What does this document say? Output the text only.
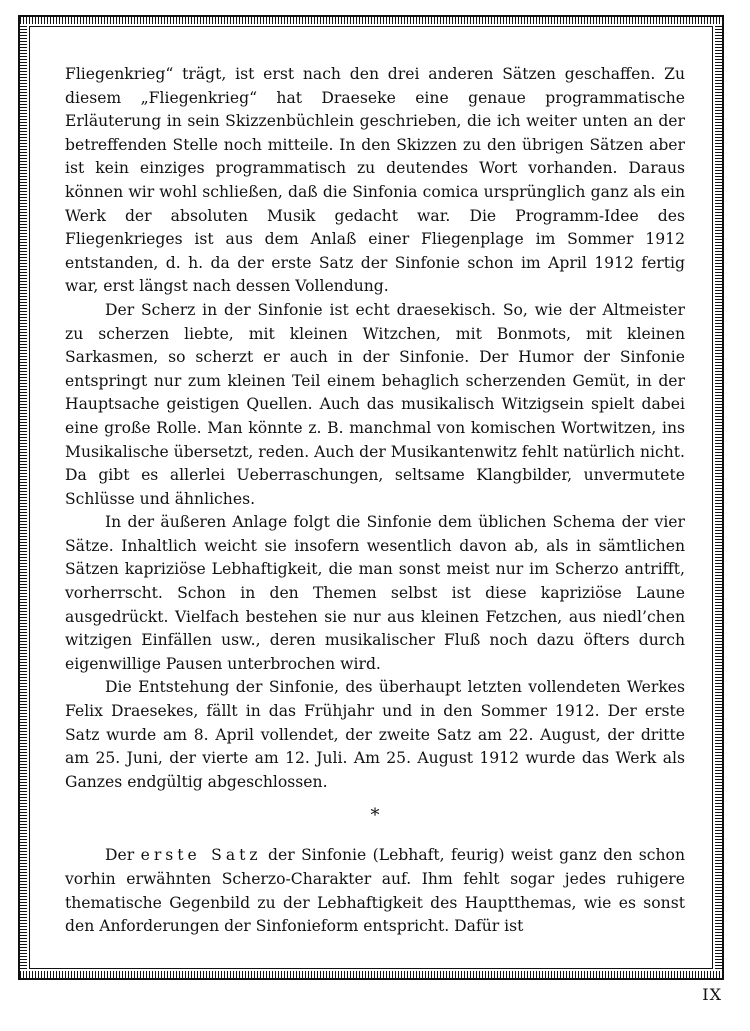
Fliegenkrieg“ trägt, ist erst nach den drei anderen Sätzen geschaffen. Zu diesem „Fliegenkrieg“ hat Draeseke eine genaue programmatische Erläuterung in sein Skizzenbüchlein geschrieben, die ich weiter unten an der betreffenden Stelle noch mitteile. In den Skizzen zu den übrigen Sätzen aber ist kein einziges programmatisch zu deutendes Wort vorhanden. Daraus können wir wohl schließen, daß die Sinfonia comica ursprünglich ganz als ein Werk der absoluten Musik gedacht war. Die Programm-Idee des Fliegenkrieges ist aus dem Anlaß einer Fliegenplage im Sommer 1912 entstanden, d. h. da der erste Satz der Sinfonie schon im April 1912 fertig war, erst längst nach dessen Vollendung.

Der Scherz in der Sinfonie ist echt draesekisch. So, wie der Altmeister zu scherzen liebte, mit kleinen Witzchen, mit Bonmots, mit kleinen Sarkasmen, so scherzt er auch in der Sinfonie. Der Humor der Sinfonie entspringt nur zum kleinen Teil einem behaglich scherzenden Gemüt, in der Hauptsache geistigen Quellen. Auch das musikalisch Witzigsein spielt dabei eine große Rolle. Man könnte z. B. manchmal von komischen Wortwitzen, ins Musikalische übersetzt, reden. Auch der Musikantenwitz fehlt natürlich nicht. Da gibt es allerlei Ueberraschungen, seltsame Klangbilder, unvermutete Schlüsse und ähnliches.

In der äußeren Anlage folgt die Sinfonie dem üblichen Schema der vier Sätze. Inhaltlich weicht sie insofern wesentlich davon ab, als in sämtlichen Sätzen kapriziöse Lebhaftigkeit, die man sonst meist nur im Scherzo antrifft, vorherrscht. Schon in den Themen selbst ist diese kapriziöse Laune ausgedrückt. Vielfach bestehen sie nur aus kleinen Fetzchen, aus niedl’chen witzigen Einfällen usw., deren musikalischer Fluß noch dazu öfters durch eigenwillige Pausen unterbrochen wird.

Die Entstehung der Sinfonie, des überhaupt letzten vollendeten Werkes Felix Draesekes, fällt in das Frühjahr und in den Sommer 1912. Der erste Satz wurde am 8. April vollendet, der zweite Satz am 22. August, der dritte am 25. Juni, der vierte am 12. Juli. Am 25. August 1912 wurde das Werk als Ganzes endgültig abgeschlossen.

*

Der erste Satz der Sinfonie (Lebhaft, feurig) weist ganz den schon vorhin erwähnten Scherzo-Charakter auf. Ihm fehlt sogar jedes ruhigere thematische Gegenbild zu der Lebhaftigkeit des Hauptthemas, wie es sonst den Anforderungen der Sinfonieform entspricht. Dafür ist

IX
